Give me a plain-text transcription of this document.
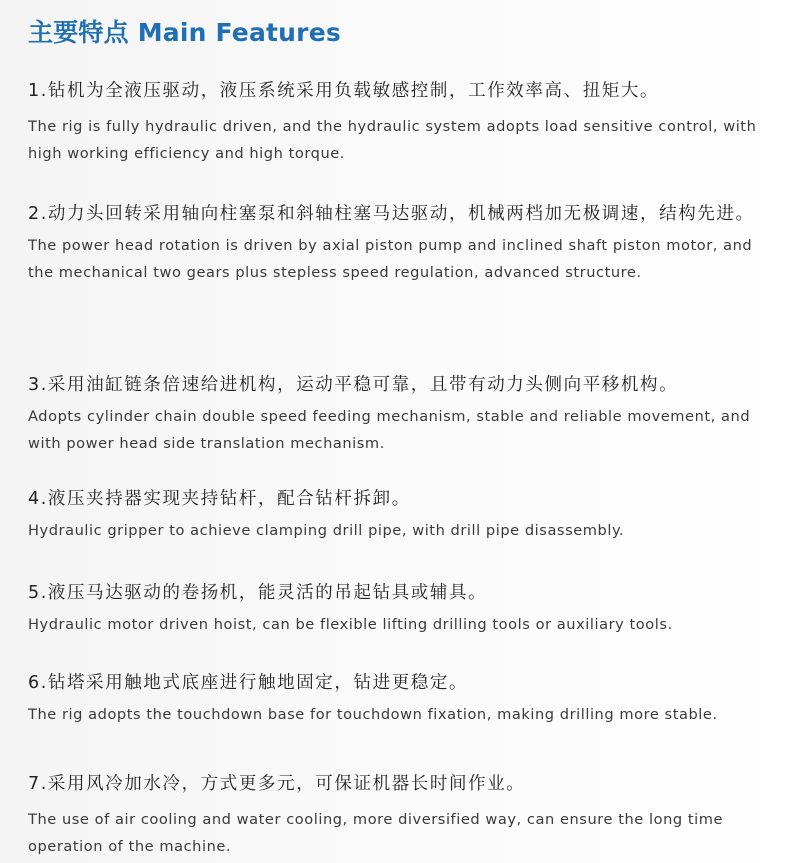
主要特点 Main Features
1.钻机为全液压驱动，液压系统采用负载敏感控制，工作效率高、扭矩大。
The rig is fully hydraulic driven, and the hydraulic system adopts load sensitive control, with high working efficiency and high torque.
2.动力头回转采用轴向柱塞泵和斜轴柱塞马达驱动，机械两档加无极调速，结构先进。
The power head rotation is driven by axial piston pump and inclined shaft piston motor, and the mechanical two gears plus stepless speed regulation, advanced structure.
3.采用油缸链条倍速给进机构，运动平稳可靠，且带有动力头侧向平移机构。
Adopts cylinder chain double speed feeding mechanism, stable and reliable movement, and with power head side translation mechanism.
4.液压夹持器实现夹持钻杆，配合钻杆拆卸。
Hydraulic gripper to achieve clamping drill pipe, with drill pipe disassembly.
5.液压马达驱动的卷扬机，能灵活的吊起钻具或辅具。
Hydraulic motor driven hoist, can be flexible lifting drilling tools or auxiliary tools.
6.钻塔采用触地式底座进行触地固定，钻进更稳定。
The rig adopts the touchdown base for touchdown fixation, making drilling more stable.
7.采用风冷加水冷，方式更多元，可保证机器长时间作业。
The use of air cooling and water cooling, more diversified way, can ensure the long time operation of the machine.
